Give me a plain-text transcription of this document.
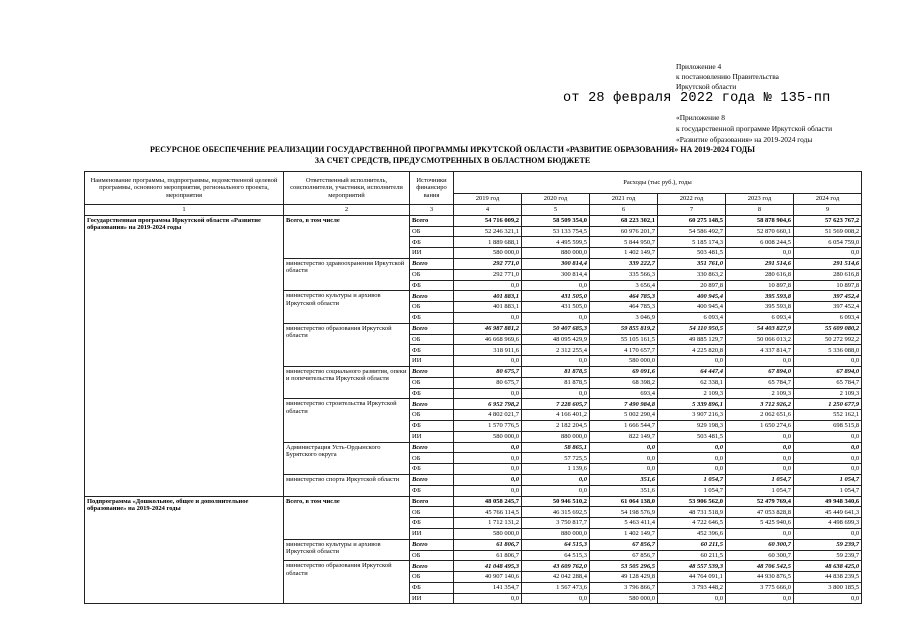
Приложение 4
к постановлению Правительства
Иркутской области
от 28 февраля 2022 года № 135-пп
«Приложение 8
к государственной программе Иркутской области
«Развитие образования» на 2019-2024 годы
РЕСУРСНОЕ ОБЕСПЕЧЕНИЕ РЕАЛИЗАЦИИ ГОСУДАРСТВЕННОЙ ПРОГРАММЫ ИРКУТСКОЙ ОБЛАСТИ «РАЗВИТИЕ ОБРАЗОВАНИЯ» НА 2019-2024 ГОДЫ
ЗА СЧЕТ СРЕДСТВ, ПРЕДУСМОТРЕННЫХ В ОБЛАСТНОМ БЮДЖЕТЕ
Наименование программы, подпрограммы, ведомственной целевой программы, основного мероприятия, регионального проекта, мероприятия	Ответственный исполнитель, соисполнители, участники, исполнители мероприятий	Источники финансиро вания	Расходы (тыс руб.), годы					
			2019 год	2020 год	2021 год	2022 год	2023 год	2024 год
1	2	3	4	5	6	7	8	9
Государственная программа Иркутской области «Развитие образования» на 2019-2024 годы	Всего, в том числе	Всего	54 716 009,2	58 509 354,0	68 223 302,1	60 275 148,5	58 878 904,6	57 623 767,2
		ОБ	52 246 321,1	53 133 754,5	60 976 201,7	54 586 492,7	52 870 660,1	51 569 008,2
		ФБ	1 889 688,1	4 495 599,5	5 844 950,7	5 185 174,3	6 008 244,5	6 054 759,0
		ИИ	580 000,0	880 000,0	1 402 149,7	503 481,5	0,0	0,0
	министерство здравоохранения Иркутской области	Всего	292 771,0	300 814,4	339 222,7	351 761,0	291 514,6	291 514,6
		ОБ	292 771,0	300 814,4	335 566,3	330 863,2	280 616,8	280 616,8
		ФБ	0,0	0,0	3 656,4	20 897,8	10 897,8	10 897,8
	министерство культуры и архивов Иркутской области	Всего	401 883,1	431 505,0	464 785,3	400 945,4	395 593,8	397 452,4
		ОБ	401 883,1	431 505,0	464 785,3	400 945,4	395 593,8	397 452,4
		ФБ	0,0	0,0	3 046,9	6 093,4	6 093,4	6 093,4
	министерство образования Иркутской области	Всего	46 987 881,2	50 407 685,3	59 855 819,2	54 110 950,5	54 403 827,9	55 609 080,2
		ОБ	46 668 969,6	48 095 429,9	55 105 161,5	49 885 129,7	50 066 013,2	50 272 992,2
		ФБ	318 911,6	2 312 255,4	4 170 657,7	4 225 820,8	4 337 814,7	5 336 088,0
		ИИ	0,0	0,0	580 000,0	0,0	0,0	0,0
	министерство социального развития, опеки и попечительства Иркутской области	Всего	80 675,7	81 878,5	69 091,6	64 447,4	67 894,0	67 894,0
		ОБ	80 675,7	81 878,5	68 398,2	62 338,1	65 784,7	65 784,7
		ФБ	0,0	0,0	693,4	2 109,3	2 109,3	2 109,3
	министерство строительства Иркутской области	Всего	6 952 798,2	7 228 605,7	7 490 984,8	5 339 896,1	3 712 926,2	1 250 677,9
		ОБ	4 802 021,7	4 166 401,2	5 002 290,4	3 907 216,3	2 062 651,6	552 162,1
		ФБ	1 570 776,5	2 182 204,5	1 666 544,7	929 198,3	1 650 274,6	698 515,8
		ИИ	580 000,0	880 000,0	822 149,7	503 481,5	0,0	0,0
	Администрация Усть-Ордынского Бурятского округа	Всего	0,0	58 865,1	0,0	0,0	0,0	0,0
		ОБ	0,0	57 725,5	0,0	0,0	0,0	0,0
		ФБ	0,0	1 139,6	0,0	0,0	0,0	0,0
	министерство спорта Иркутской области	Всего	0,0	0,0	351,6	1 054,7	1 054,7	1 054,7
		ФБ	0,0	0,0	351,6	1 054,7	1 054,7	1 054,7
Подпрограмма «Дошкольное, общее и дополнительное образование» на 2019-2024 годы	Всего, в том числе	Всего	48 058 245,7	50 946 510,2	61 064 138,0	53 906 562,0	52 479 769,4	49 948 340,6
		ОБ	45 766 114,5	46 315 692,5	54 198 576,9	48 731 518,9	47 053 828,8	45 449 641,3
		ФБ	1 712 131,2	3 750 817,7	5 463 411,4	4 722 646,5	5 425 940,6	4 498 699,3
		ИИ	580 000,0	880 000,0	1 402 149,7	452 396,6	0,0	0,0
	министерство культуры и архивов Иркутской области	Всего	61 806,7	64 515,3	67 856,7	60 211,5	60 300,7	59 239,7
		ОБ	61 806,7	64 515,3	67 856,7	60 211,5	60 300,7	59 239,7
	министерство образования Иркутской области	Всего	41 048 495,3	43 609 762,0	53 505 296,5	48 557 539,3	48 706 542,5	48 638 425,0
		ОБ	40 907 140,6	42 042 288,4	49 128 429,8	44 764 091,1	44 930 876,5	44 838 239,5
		ФБ	141 354,7	1 567 473,6	3 796 866,7	3 793 448,2	3 775 666,0	3 800 185,5
		ИИ	0,0	0,0	580 000,0	0,0	0,0	0,0
